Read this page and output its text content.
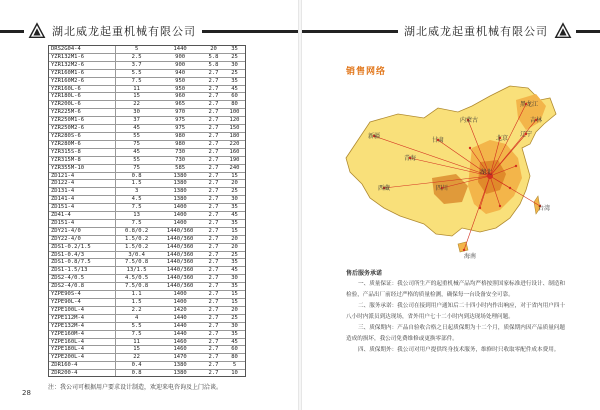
湖北威龙起重机械有限公司
DRS2G04-4	5	1440	20	35
YZR132M1-6	2.5	900	5.8	25
YZR132M2-6	3.7	900	5.8	30
YZR160M1-6	5.5	940	2.7	25
YZR160M2-6	7.5	950	2.7	35
YZR160L-6	11	950	2.7	45
YZR180L-6	15	960	2.7	60
YZR200L-6	22	965	2.7	80
YZR225M-6	30	970	2.7	100
YZR250M1-6	37	975	2.7	120
YZR250M2-6	45	975	2.7	150
YZR280S-6	55	980	2.7	180
YZR280M-6	75	980	2.7	220
YZR315S-8	45	730	2.7	160
YZR315M-8	55	730	2.7	190
YZR355M-10	75	585	2.7	240
ZD121-4	0.8	1380	2.7	15
ZD122-4	1.5	1380	2.7	20
ZD131-4	3	1380	2.7	25
ZD141-4	4.5	1380	2.7	30
ZD151-4	7.5	1400	2.7	35
ZD41-4	13	1400	2.7	45
ZD151-4	7.5	1400	2.7	35
ZDY21-4/0	0.8/0.2	1440/360	2.7	15
ZDY22-4/0	1.5/0.2	1440/360	2.7	20
ZDS1-0.2/1.5	1.5/0.2	1440/360	2.7	20
ZDS1-0.4/3	3/0.4	1440/360	2.7	25
ZDS1-0.8/7.5	7.5/0.8	1440/360	2.7	35
ZDS1-1.5/13	13/1.5	1440/360	2.7	45
ZDS2-4/0.5	4.5/0.5	1440/360	2.7	30
ZDS2-4/0.8	7.5/0.8	1440/360	2.7	35
YZPE90S-4	1.1	1400	2.7	15
YZPE90L-4	1.5	1400	2.7	15
YZPE100L-4	2.2	1420	2.7	20
YZPE112M-4	4	1440	2.7	25
YZPE132M-4	5.5	1440	2.7	30
YZPE160M-4	7.5	1440	2.7	35
YZPE160L-4	11	1460	2.7	45
YZPE180L-4	15	1460	2.7	60
YZPE200L-4	22	1470	2.7	80
ZDR160-4	0.4	1380	2.7	5
ZDR200-4	0.8	1380	2.7	10

注：我公司可根据用户要求设计制造，欢迎来电咨询及上门洽谈。
28
湖北威龙起重机械有限公司
销售网络
新疆
西藏
青海
甘肃
内蒙古
黑龙江
吉林
辽宁
北京
四川
湖北
台湾
海南
售后服务承诺

一、质量保证：我公司所生产的起重机械产品均严格按照国家标准进行设计、制造和检验，产品出厂前经过严格的质量检测，确保每一台设备安全可靠。

二、服务承诺：我公司在接到用户通知后二十四小时内作出响应，对于省内用户四十八小时内派员到达现场，省外用户七十二小时内到达现场处理问题。

三、质保期内：产品自验收合格之日起质保期为十二个月，质保期内因产品质量问题造成的损坏，我公司免费维修或更换零部件。

四、质保期外：我公司对用户提供终身技术服务，维修时只收取零配件成本费用。
